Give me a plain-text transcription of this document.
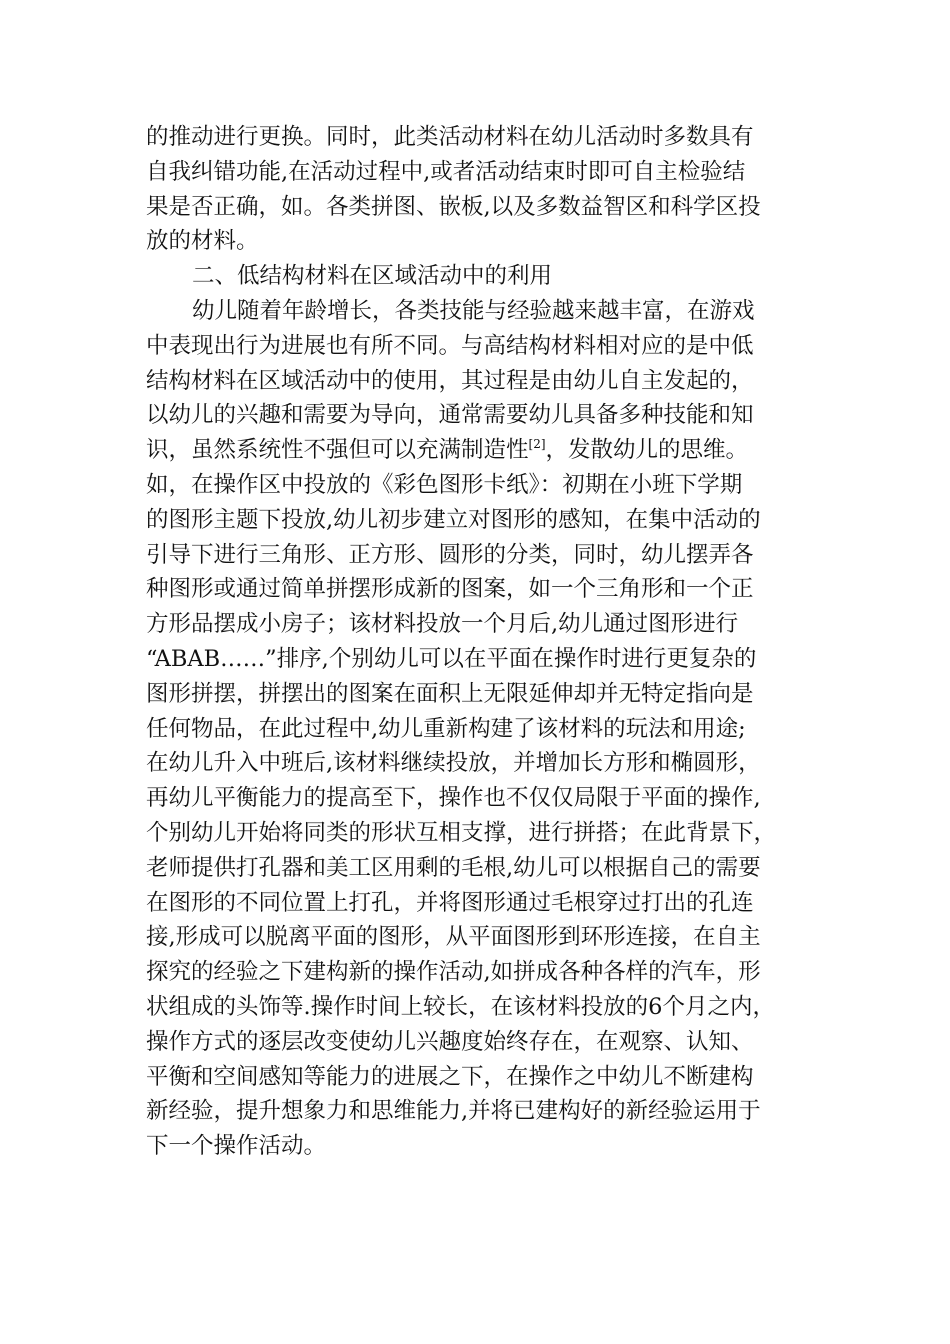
的推动进行更换。同时，此类活动材料在幼儿活动时多数具有
自我纠错功能,在活动过程中,或者活动结束时即可自主检验结
果是否正确，如。各类拼图、嵌板,以及多数益智区和科学区投
放的材料。
二、低结构材料在区域活动中的利用
幼儿随着年龄增长，各类技能与经验越来越丰富，在游戏
中表现出行为进展也有所不同。与高结构材料相对应的是中低
结构材料在区域活动中的使用，其过程是由幼儿自主发起的，
以幼儿的兴趣和需要为导向，通常需要幼儿具备多种技能和知
识，虽然系统性不强但可以充满制造性[2]，发散幼儿的思维。
如，在操作区中投放的《彩色图形卡纸》：初期在小班下学期
的图形主题下投放,幼儿初步建立对图形的感知，在集中活动的
引导下进行三角形、正方形、圆形的分类，同时，幼儿摆弄各
种图形或通过简单拼摆形成新的图案，如一个三角形和一个正
方形品摆成小房子；该材料投放一个月后,幼儿通过图形进行
“ABAB……”排序,个别幼儿可以在平面在操作时进行更复杂的
图形拼摆，拼摆出的图案在面积上无限延伸却并无特定指向是
任何物品，在此过程中,幼儿重新构建了该材料的玩法和用途;
在幼儿升入中班后,该材料继续投放，并增加长方形和椭圆形，
再幼儿平衡能力的提高至下，操作也不仅仅局限于平面的操作,
个别幼儿开始将同类的形状互相支撑，进行拼搭；在此背景下，
老师提供打孔器和美工区用剩的毛根,幼儿可以根据自己的需要
在图形的不同位置上打孔，并将图形通过毛根穿过打出的孔连
接,形成可以脱离平面的图形，从平面图形到环形连接，在自主
探究的经验之下建构新的操作活动,如拼成各种各样的汽车，形
状组成的头饰等.操作时间上较长，在该材料投放的6个月之内，
操作方式的逐层改变使幼儿兴趣度始终存在，在观察、认知、
平衡和空间感知等能力的进展之下，在操作之中幼儿不断建构
新经验，提升想象力和思维能力,并将已建构好的新经验运用于
下一个操作活动。
